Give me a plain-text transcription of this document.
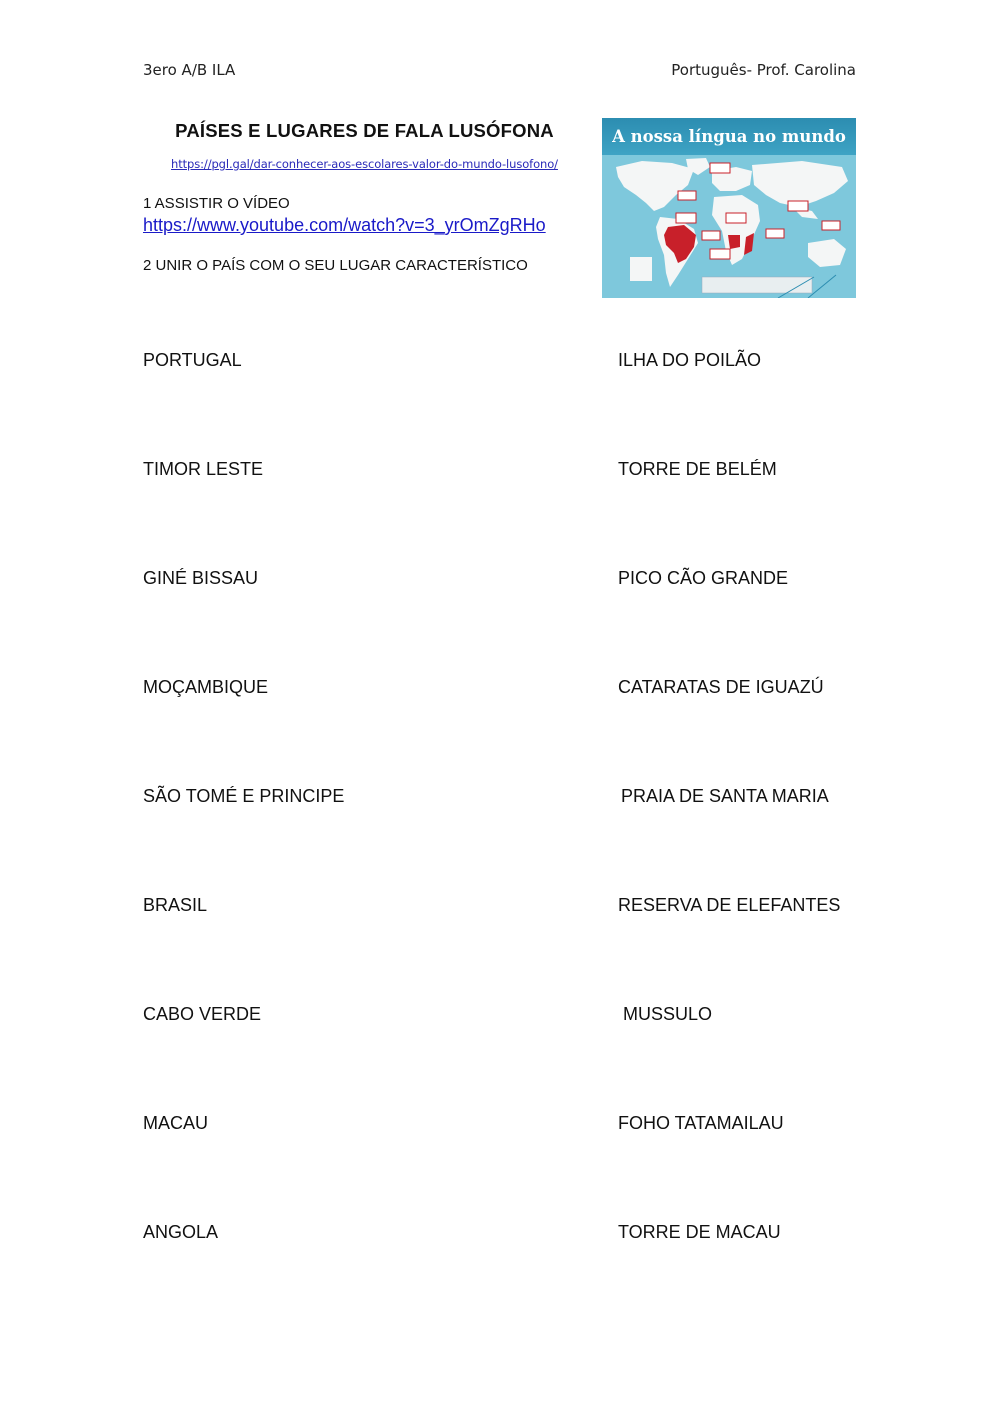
3ero A/B ILA	Português- Prof. Carolina
PAÍSES E LUGARES DE FALA LUSÓFONA
https://pgl.gal/dar-conhecer-aos-escolares-valor-do-mundo-lusofono/
1 ASSISTIR O VÍDEO
https://www.youtube.com/watch?v=3_yrOmZgRHo
2 UNIR O PAÍS COM O SEU LUGAR CARACTERÍSTICO
A nossa língua no mundo
PORTUGAL
TIMOR LESTE
GINÉ BISSAU
MOÇAMBIQUE
SÃO TOMÉ E PRINCIPE
BRASIL
CABO VERDE
MACAU
ANGOLA
ILHA DO POILÃO
TORRE DE BELÉM
PICO CÃO GRANDE
CATARATAS DE IGUAZÚ
PRAIA DE SANTA MARIA
RESERVA DE ELEFANTES
MUSSULO
FOHO TATAMAILAU
TORRE DE MACAU
